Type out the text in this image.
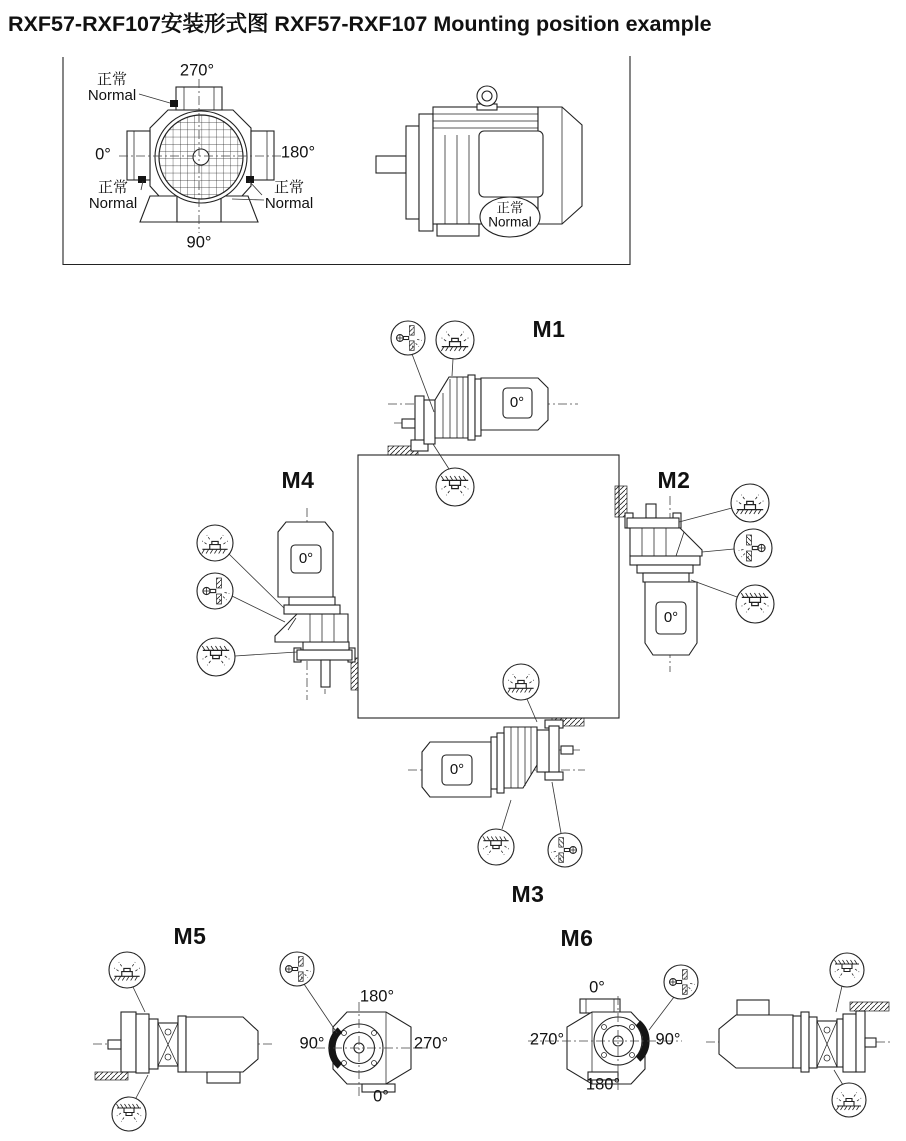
RXF57-RXF107安装形式图 RXF57-RXF107 Mounting position example
270°
0°	180°
90°
正常
Normal
正常
Normal
正常
Normal	正常
Normal
M1
M2
M3
M4
M5	M6
0°
0°
0°
0°
180°
90°	270°
0°
0°
270°	90°
180°
